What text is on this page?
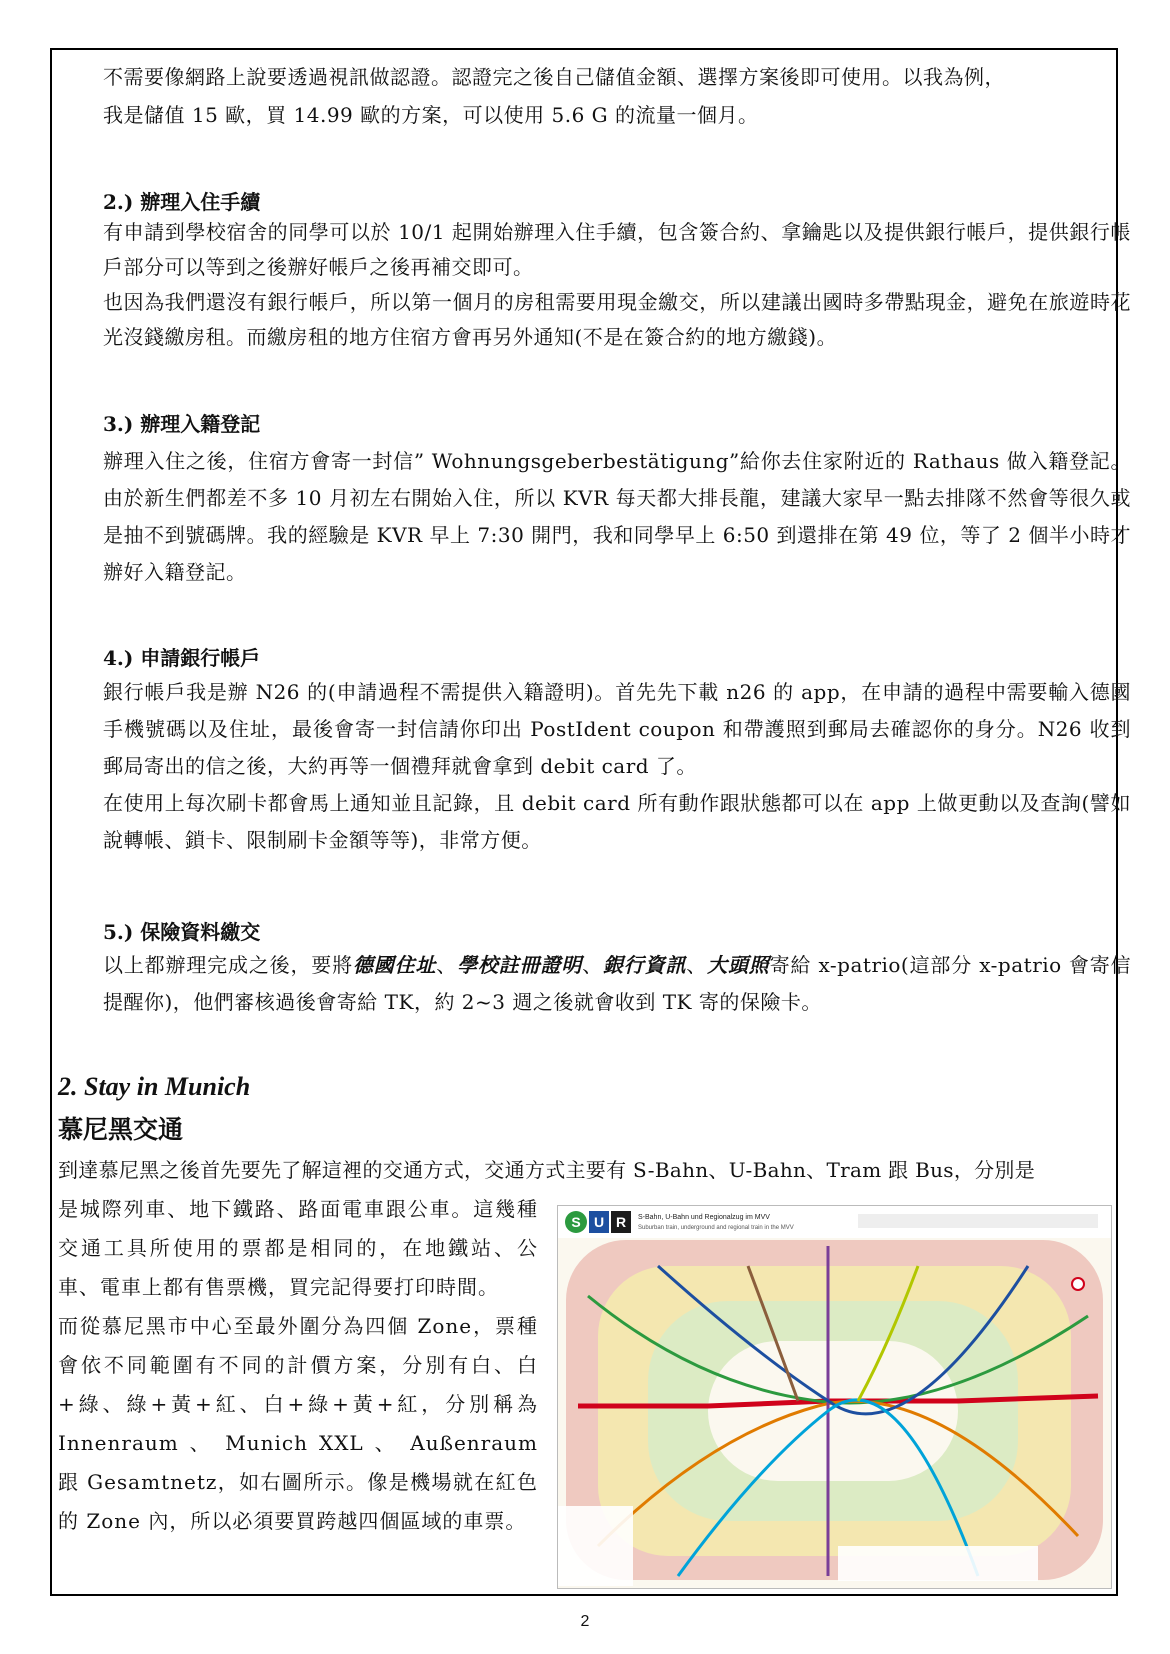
不需要像網路上說要透過視訊做認證。認證完之後自己儲值金額、選擇方案後即可使用。以我為例，

我是儲值 15 歐，買 14.99 歐的方案，可以使用 5.6 G 的流量一個月。

2.) 辦理入住手續

有申請到學校宿舍的同學可以於 10/1 起開始辦理入住手續，包含簽合約、拿鑰匙以及提供銀行帳戶，提供銀行帳戶部分可以等到之後辦好帳戶之後再補交即可。

也因為我們還沒有銀行帳戶，所以第一個月的房租需要用現金繳交，所以建議出國時多帶點現金，避免在旅遊時花光沒錢繳房租。而繳房租的地方住宿方會再另外通知(不是在簽合約的地方繳錢)。

3.) 辦理入籍登記

辦理入住之後，住宿方會寄一封信” Wohnungsgeberbestätigung”給你去住家附近的 Rathaus 做入籍登記。由於新生們都差不多 10 月初左右開始入住，所以 KVR 每天都大排長龍，建議大家早一點去排隊不然會等很久或是抽不到號碼牌。我的經驗是 KVR 早上 7:30 開門，我和同學早上 6:50 到還排在第 49 位，等了 2 個半小時才辦好入籍登記。

4.) 申請銀行帳戶

銀行帳戶我是辦 N26 的(申請過程不需提供入籍證明)。首先先下載 n26 的 app，在申請的過程中需要輸入德國手機號碼以及住址，最後會寄一封信請你印出 PostIdent coupon 和帶護照到郵局去確認你的身分。N26 收到郵局寄出的信之後，大約再等一個禮拜就會拿到 debit card 了。

在使用上每次刷卡都會馬上通知並且記錄，且 debit card 所有動作跟狀態都可以在 app 上做更動以及查詢(譬如說轉帳、鎖卡、限制刷卡金額等等)，非常方便。

5.) 保險資料繳交

以上都辦理完成之後，要將德國住址、學校註冊證明、銀行資訊、大頭照寄給 x-patrio(這部分 x-patrio 會寄信提醒你)，他們審核過後會寄給 TK，約 2~3 週之後就會收到 TK 寄的保險卡。

2. Stay in Munich

慕尼黑交通

到達慕尼黑之後首先要先了解這裡的交通方式，交通方式主要有 S-Bahn、U-Bahn、Tram 跟 Bus，分別是

是城際列車、地下鐵路、路面電車跟公車。這幾種交通工具所使用的票都是相同的，在地鐵站、公車、電車上都有售票機，買完記得要打印時間。

而從慕尼黑市中心至最外圍分為四個 Zone，票種會依不同範圍有不同的計價方案，分別有白、白+綠、綠+黃+紅、白+綠+黃+紅，分別稱為 Innenraum 、 Munich XXL 、 Außenraum 跟 Gesamtnetz，如右圖所示。像是機場就在紅色的 Zone 內，所以必須要買跨越四個區域的車票。

S U R S-Bahn, U-Bahn und Regionalzug im MVV
Suburban train, underground and regional train in the MVV
2
